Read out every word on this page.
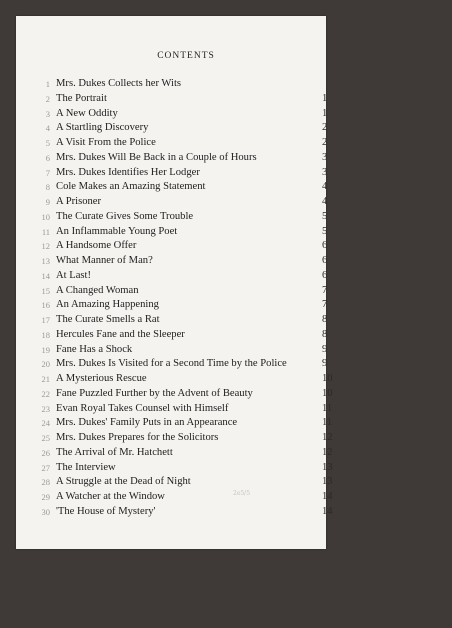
CONTENTS
1 Mrs. Dukes Collects her Wits
2 The Portrait	1
3 A New Oddity	1
4 A Startling Discovery	2
5 A Visit From the Police	2
6 Mrs. Dukes Will Be Back in a Couple of Hours	3
7 Mrs. Dukes Identifies Her Lodger	3
8 Cole Makes an Amazing Statement	4
9 A Prisoner	4
10 The Curate Gives Some Trouble	5
11 An Inflammable Young Poet	5
12 A Handsome Offer	6
13 What Manner of Man?	6
14 At Last!	6
15 A Changed Woman	7
16 An Amazing Happening	7
17 The Curate Smells a Rat	8
18 Hercules Fane and the Sleeper	8
19 Fane Has a Shock	9
20 Mrs. Dukes Is Visited for a Second Time by the Police	9
21 A Mysterious Rescue	10
22 Fane Puzzled Further by the Advent of Beauty	10
23 Evan Royal Takes Counsel with Himself	11
24 Mrs. Dukes' Family Puts in an Appearance	11
25 Mrs. Dukes Prepares for the Solicitors	12
26 The Arrival of Mr. Hatchett	12
27 The Interview	13
28 A Struggle at the Dead of Night	13
29 A Watcher at the Window	14
30 'The House of Mystery'	14
2e5/5
